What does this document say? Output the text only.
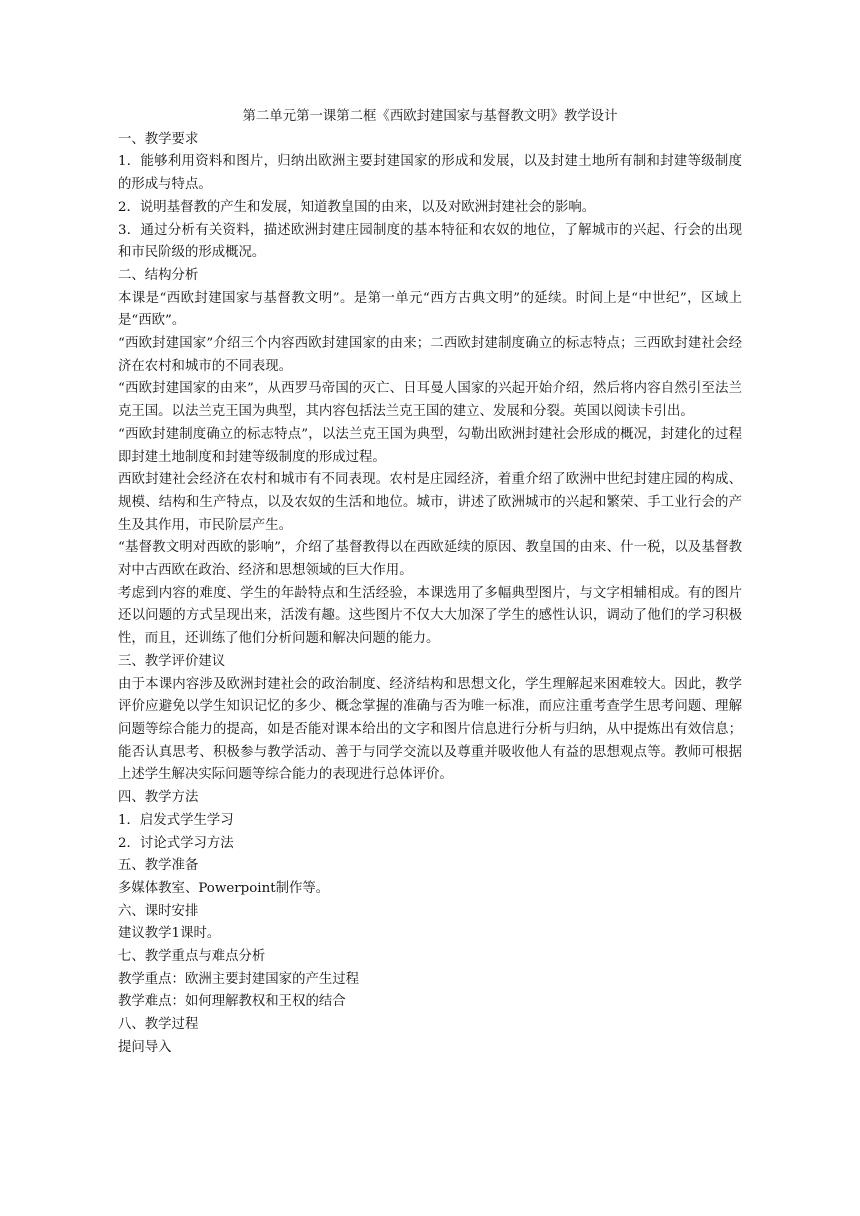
第二单元第一课第二框《西欧封建国家与基督教文明》教学设计

一、教学要求

1．能够利用资料和图片，归纳出欧洲主要封建国家的形成和发展，以及封建土地所有制和封建等级制度的形成与特点。

2．说明基督教的产生和发展，知道教皇国的由来，以及对欧洲封建社会的影响。

3．通过分析有关资料，描述欧洲封建庄园制度的基本特征和农奴的地位，了解城市的兴起、行会的出现和市民阶级的形成概况。

二、结构分析

本课是“西欧封建国家与基督教文明”。是第一单元“西方古典文明”的延续。时间上是“中世纪”，区域上是“西欧”。

“西欧封建国家”介绍三个内容西欧封建国家的由来；二西欧封建制度确立的标志特点；三西欧封建社会经济在农村和城市的不同表现。

“西欧封建国家的由来”，从西罗马帝国的灭亡、日耳曼人国家的兴起开始介绍，然后将内容自然引至法兰克王国。以法兰克王国为典型，其内容包括法兰克王国的建立、发展和分裂。英国以阅读卡引出。

“西欧封建制度确立的标志特点”，以法兰克王国为典型，勾勒出欧洲封建社会形成的概况，封建化的过程即封建土地制度和封建等级制度的形成过程。

西欧封建社会经济在农村和城市有不同表现。农村是庄园经济，着重介绍了欧洲中世纪封建庄园的构成、规模、结构和生产特点，以及农奴的生活和地位。城市，讲述了欧洲城市的兴起和繁荣、手工业行会的产生及其作用，市民阶层产生。

“基督教文明对西欧的影响”，介绍了基督教得以在西欧延续的原因、教皇国的由来、什一税，以及基督教对中古西欧在政治、经济和思想领域的巨大作用。

考虑到内容的难度、学生的年龄特点和生活经验，本课选用了多幅典型图片，与文字相辅相成。有的图片还以问题的方式呈现出来，活泼有趣。这些图片不仅大大加深了学生的感性认识，调动了他们的学习积极性，而且，还训练了他们分析问题和解决问题的能力。

三、教学评价建议

由于本课内容涉及欧洲封建社会的政治制度、经济结构和思想文化，学生理解起来困难较大。因此，教学评价应避免以学生知识记忆的多少、概念掌握的准确与否为唯一标准，而应注重考查学生思考问题、理解问题等综合能力的提高，如是否能对课本给出的文字和图片信息进行分析与归纳，从中提炼出有效信息；能否认真思考、积极参与教学活动、善于与同学交流以及尊重并吸收他人有益的思想观点等。教师可根据上述学生解决实际问题等综合能力的表现进行总体评价。

四、教学方法

1．启发式学生学习

2．讨论式学习方法

五、教学准备

多媒体教室、Powerpoint制作等。

六、课时安排

建议教学1课时。

七、教学重点与难点分析

教学重点：欧洲主要封建国家的产生过程

教学难点：如何理解教权和王权的结合

八、教学过程

提问导入
